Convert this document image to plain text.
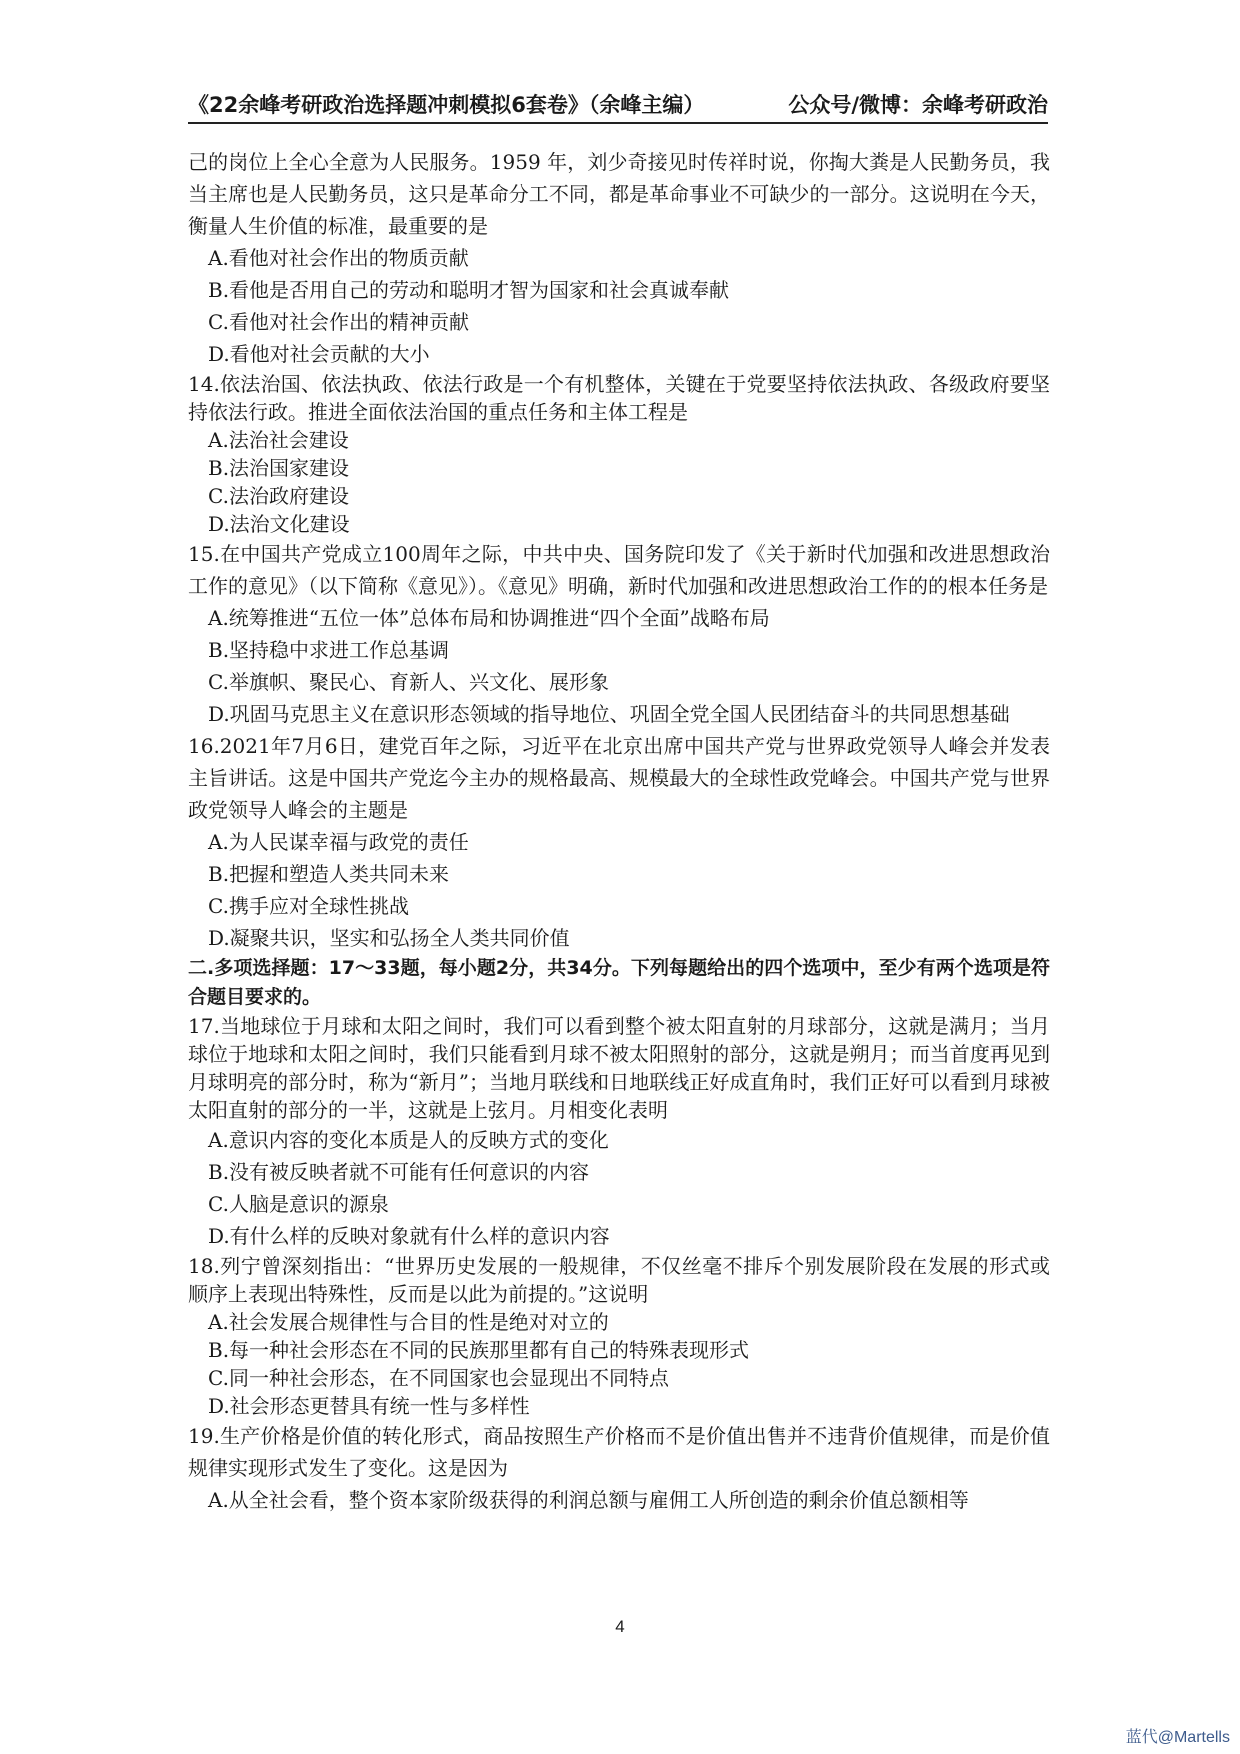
《22余峰考研政治选择题冲刺模拟6套卷》（余峰主编）	公众号/微博：余峰考研政治

己的岗位上全心全意为人民服务。1959 年，刘少奇接见时传祥时说，你掏大粪是人民勤务员，我当主席也是人民勤务员，这只是革命分工不同，都是革命事业不可缺少的一部分。这说明在今天，衡量人生价值的标准，最重要的是

A.看他对社会作出的物质贡献

B.看他是否用自己的劳动和聪明才智为国家和社会真诚奉献

C.看他对社会作出的精神贡献

D.看他对社会贡献的大小

14.依法治国、依法执政、依法行政是一个有机整体，关键在于党要坚持依法执政、各级政府要坚持依法行政。推进全面依法治国的重点任务和主体工程是

A.法治社会建设

B.法治国家建设

C.法治政府建设

D.法治文化建设

15.在中国共产党成立100周年之际，中共中央、国务院印发了《关于新时代加强和改进思想政治工作的意见》（以下简称《意见》）。《意见》明确，新时代加强和改进思想政治工作的的根本任务是

A.统筹推进“五位一体”总体布局和协调推进“四个全面”战略布局

B.坚持稳中求进工作总基调

C.举旗帜、聚民心、育新人、兴文化、展形象

D.巩固马克思主义在意识形态领域的指导地位、巩固全党全国人民团结奋斗的共同思想基础

16.2021年7月6日，建党百年之际，习近平在北京出席中国共产党与世界政党领导人峰会并发表主旨讲话。这是中国共产党迄今主办的规格最高、规模最大的全球性政党峰会。中国共产党与世界政党领导人峰会的主题是

A.为人民谋幸福与政党的责任

B.把握和塑造人类共同未来

C.携手应对全球性挑战

D.凝聚共识，坚实和弘扬全人类共同价值

二.多项选择题：17～33题，每小题2分，共34分。下列每题给出的四个选项中，至少有两个选项是符合题目要求的。

17.当地球位于月球和太阳之间时，我们可以看到整个被太阳直射的月球部分，这就是满月；当月球位于地球和太阳之间时，我们只能看到月球不被太阳照射的部分，这就是朔月；而当首度再见到月球明亮的部分时，称为“新月”；当地月联线和日地联线正好成直角时，我们正好可以看到月球被太阳直射的部分的一半，这就是上弦月。月相变化表明

A.意识内容的变化本质是人的反映方式的变化

B.没有被反映者就不可能有任何意识的内容

C.人脑是意识的源泉

D.有什么样的反映对象就有什么样的意识内容

18.列宁曾深刻指出：“世界历史发展的一般规律，不仅丝毫不排斥个别发展阶段在发展的形式或顺序上表现出特殊性，反而是以此为前提的。”这说明

A.社会发展合规律性与合目的性是绝对对立的

B.每一种社会形态在不同的民族那里都有自己的特殊表现形式

C.同一种社会形态，在不同国家也会显现出不同特点

D.社会形态更替具有统一性与多样性

19.生产价格是价值的转化形式，商品按照生产价格而不是价值出售并不违背价值规律，而是价值规律实现形式发生了变化。这是因为

A.从全社会看，整个资本家阶级获得的利润总额与雇佣工人所创造的剩余价值总额相等

4
蓝代@Martells
